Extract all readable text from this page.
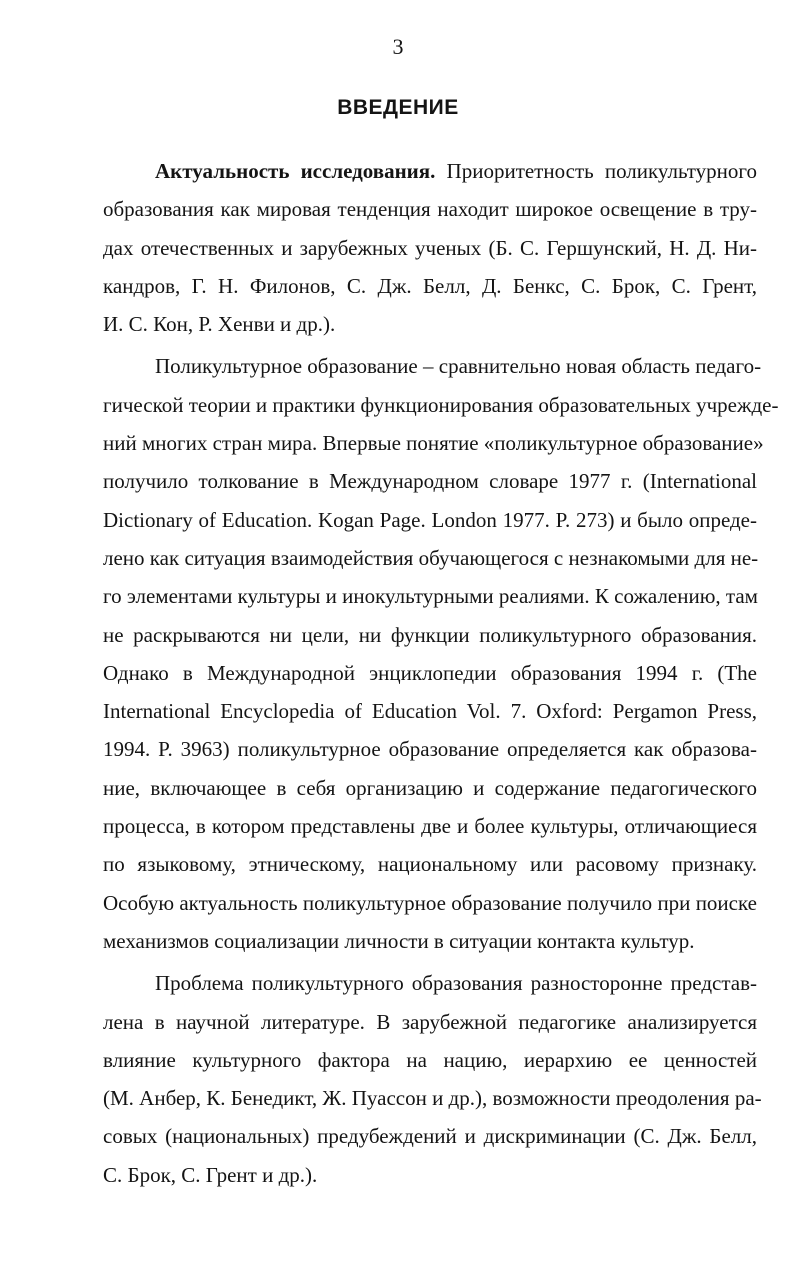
3
ВВЕДЕНИЕ
Актуальность исследования. Приоритетность поликультурного
образования как мировая тенденция находит широкое освещение в тру-
дах отечественных и зарубежных ученых (Б. С. Гершунский, Н. Д. Ни-
кандров, Г. Н. Филонов, С. Дж. Белл, Д. Бенкс, С. Брок, С. Грент,
И. С. Кон, Р. Хенви и др.).
Поликультурное образование – сравнительно новая область педаго-
гической теории и практики функционирования образовательных учрежде-
ний многих стран мира. Впервые понятие «поликультурное образование»
получило толкование в Международном словаре 1977 г. (International
Dictionary of Education. Kogan Page. London 1977. P. 273) и было опреде-
лено как ситуация взаимодействия обучающегося с незнакомыми для не-
го элементами культуры и инокультурными реалиями. К сожалению, там
не раскрываются ни цели, ни функции поликультурного образования.
Однако в Международной энциклопедии образования 1994 г. (The
International Encyclopedia of Education Vol. 7. Oxford: Pergamon Press,
1994. P. 3963) поликультурное образование определяется как образова-
ние, включающее в себя организацию и содержание педагогического
процесса, в котором представлены две и более культуры, отличающиеся
по языковому, этническому, национальному или расовому признаку.
Особую актуальность поликультурное образование получило при поиске
механизмов социализации личности в ситуации контакта культур.
Проблема поликультурного образования разносторонне представ-
лена в научной литературе. В зарубежной педагогике анализируется
влияние культурного фактора на нацию, иерархию ее ценностей
(М. Анбер, К. Бенедикт, Ж. Пуассон и др.), возможности преодоления ра-
совых (национальных) предубеждений и дискриминации (С. Дж. Белл,
С. Брок, С. Грент и др.).
